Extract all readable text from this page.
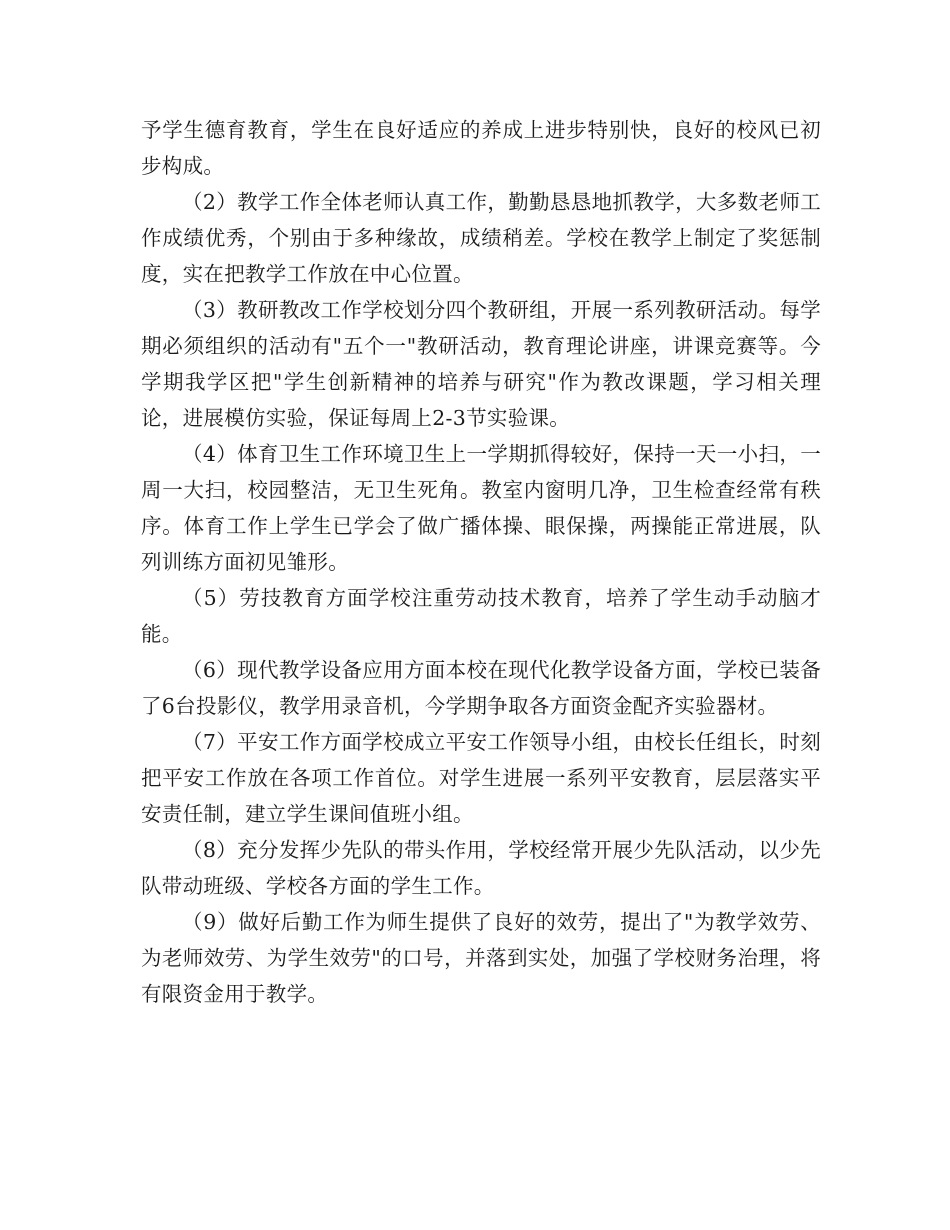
予学生德育教育，学生在良好适应的养成上进步特别快，良好的校风已初步构成。

（2）教学工作全体老师认真工作，勤勤恳恳地抓教学，大多数老师工作成绩优秀，个别由于多种缘故，成绩稍差。学校在教学上制定了奖惩制度，实在把教学工作放在中心位置。

（3）教研教改工作学校划分四个教研组，开展一系列教研活动。每学期必须组织的活动有"五个一"教研活动，教育理论讲座，讲课竞赛等。今学期我学区把"学生创新精神的培养与研究"作为教改课题，学习相关理论，进展模仿实验，保证每周上2-3节实验课。

（4）体育卫生工作环境卫生上一学期抓得较好，保持一天一小扫，一周一大扫，校园整洁，无卫生死角。教室内窗明几净，卫生检查经常有秩序。体育工作上学生已学会了做广播体操、眼保操，两操能正常进展，队列训练方面初见雏形。

（5）劳技教育方面学校注重劳动技术教育，培养了学生动手动脑才能。

（6）现代教学设备应用方面本校在现代化教学设备方面，学校已装备了6台投影仪，教学用录音机，今学期争取各方面资金配齐实验器材。

（7）平安工作方面学校成立平安工作领导小组，由校长任组长，时刻把平安工作放在各项工作首位。对学生进展一系列平安教育，层层落实平安责任制，建立学生课间值班小组。

（8）充分发挥少先队的带头作用，学校经常开展少先队活动，以少先队带动班级、学校各方面的学生工作。

（9）做好后勤工作为师生提供了良好的效劳，提出了"为教学效劳、为老师效劳、为学生效劳"的口号，并落到实处，加强了学校财务治理，将有限资金用于教学。
